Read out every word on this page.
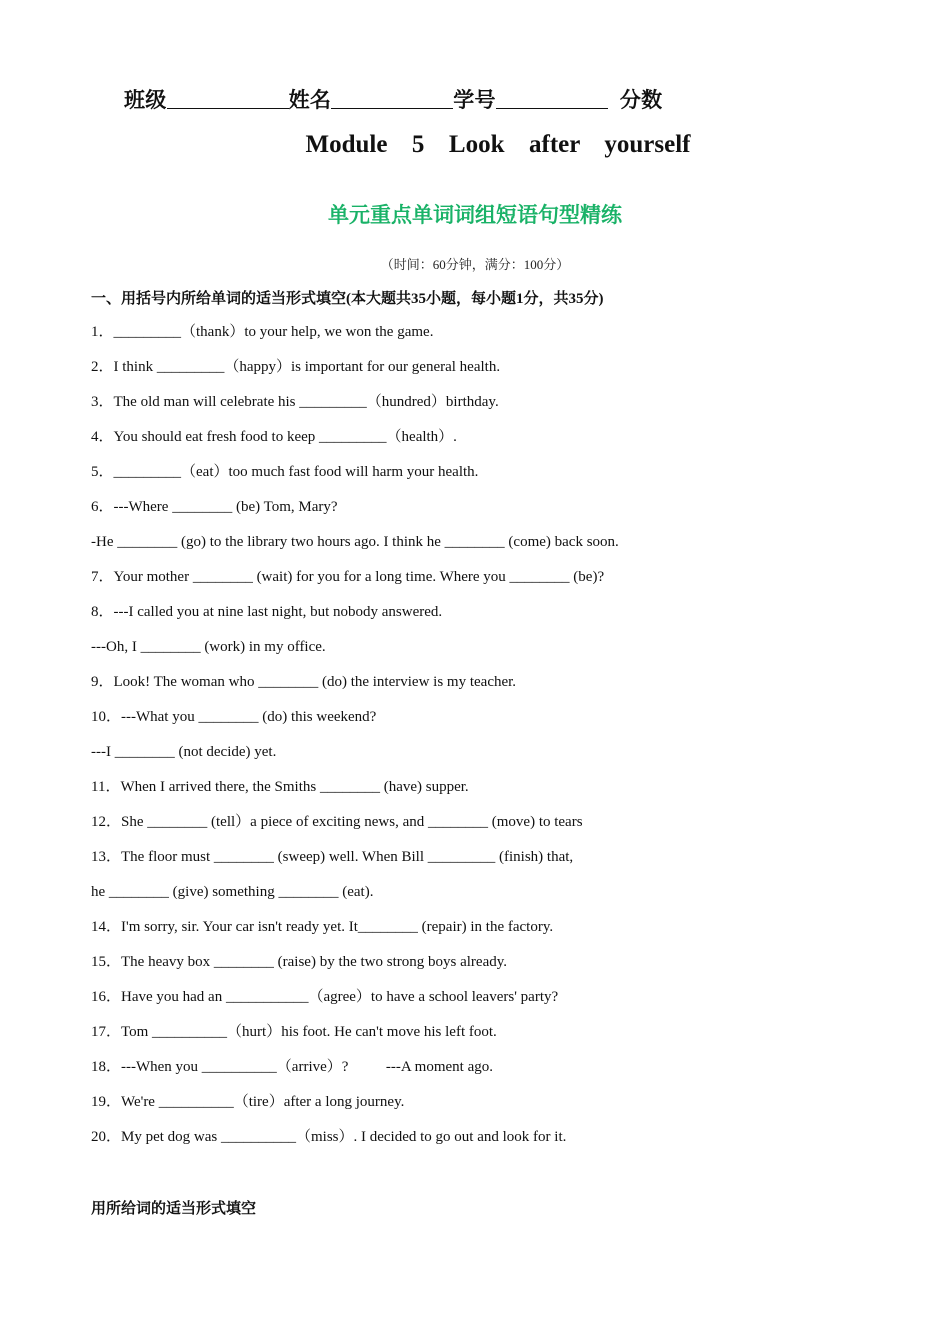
班级	姓名	学号	分数
Module  5  Look  after  yourself
单元重点单词词组短语句型精练
（时间：60分钟，满分：100分）
一、用括号内所给单词的适当形式填空(本大题共35小题，每小题1分，共35分)
1．_________（thank）to your help, we won the game.
2．I think _________（happy）is important for our general health.
3．The old man will celebrate his _________（hundred）birthday.
4．You should eat fresh food to keep _________（health）.
5．_________（eat）too much fast food will harm your health.
6．---Where ________ (be) Tom, Mary?
-He ________ (go) to the library two hours ago. I think he ________ (come) back soon.
7．Your mother ________ (wait) for you for a long time. Where you ________ (be)?
8．---I called you at nine last night, but nobody answered.
---Oh, I ________ (work) in my office.
9．Look! The woman who ________ (do) the interview is my teacher.
10．---What you ________ (do) this weekend?
---I ________ (not decide) yet.
11．When I arrived there, the Smiths ________ (have) supper.
12．She ________ (tell）a piece of exciting news, and ________ (move) to tears
13．The floor must ________ (sweep) well. When Bill _________ (finish) that,
he ________ (give) something ________ (eat).
14．I'm sorry, sir. Your car isn't ready yet. It________ (repair) in the factory.
15．The heavy box ________ (raise) by the two strong boys already.
16．Have you had an ___________（agree）to have a school leavers' party?
17．Tom __________（hurt）his foot. He can't move his left foot.
18．---When you __________（arrive）?          ---A moment ago.
19．We're __________（tire）after a long journey.
20．My pet dog was __________（miss）. I decided to go out and look for it.
用所给词的适当形式填空
